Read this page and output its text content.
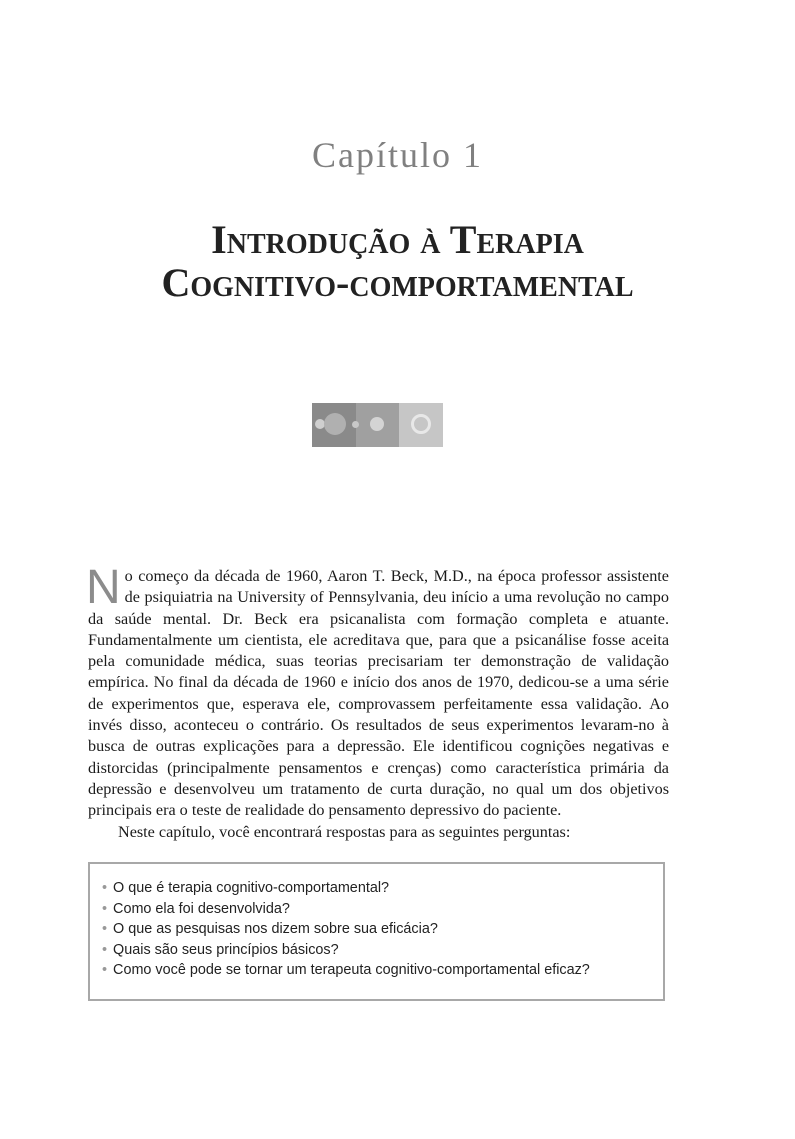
Capítulo 1
Introdução à Terapia
Cognitivo-comportamental

No começo da década de 1960, Aaron T. Beck, M.D., na época professor assistente de psiquiatria na University of Pennsylvania, deu início a uma revolução no campo da saúde mental. Dr. Beck era psicanalista com formação completa e atuante. Fundamentalmente um cientista, ele acreditava que, para que a psicanálise fosse aceita pela comunidade médica, suas teorias precisariam ter demonstração de validação empírica. No final da década de 1960 e início dos anos de 1970, dedicou-se a uma série de experimentos que, esperava ele, comprovassem perfeitamente essa validação. Ao invés disso, aconteceu o contrário. Os resultados de seus experimentos levaram-no à busca de outras explicações para a depressão. Ele identificou cognições negativas e distorcidas (principalmente pensamentos e crenças) como característica primária da depressão e desenvolveu um tratamento de curta duração, no qual um dos objetivos principais era o teste de realidade do pensamento depressivo do paciente.

Neste capítulo, você encontrará respostas para as seguintes perguntas:

• O que é terapia cognitivo-comportamental?
• Como ela foi desenvolvida?
• O que as pesquisas nos dizem sobre sua eficácia?
• Quais são seus princípios básicos?
• Como você pode se tornar um terapeuta cognitivo-comportamental eficaz?
